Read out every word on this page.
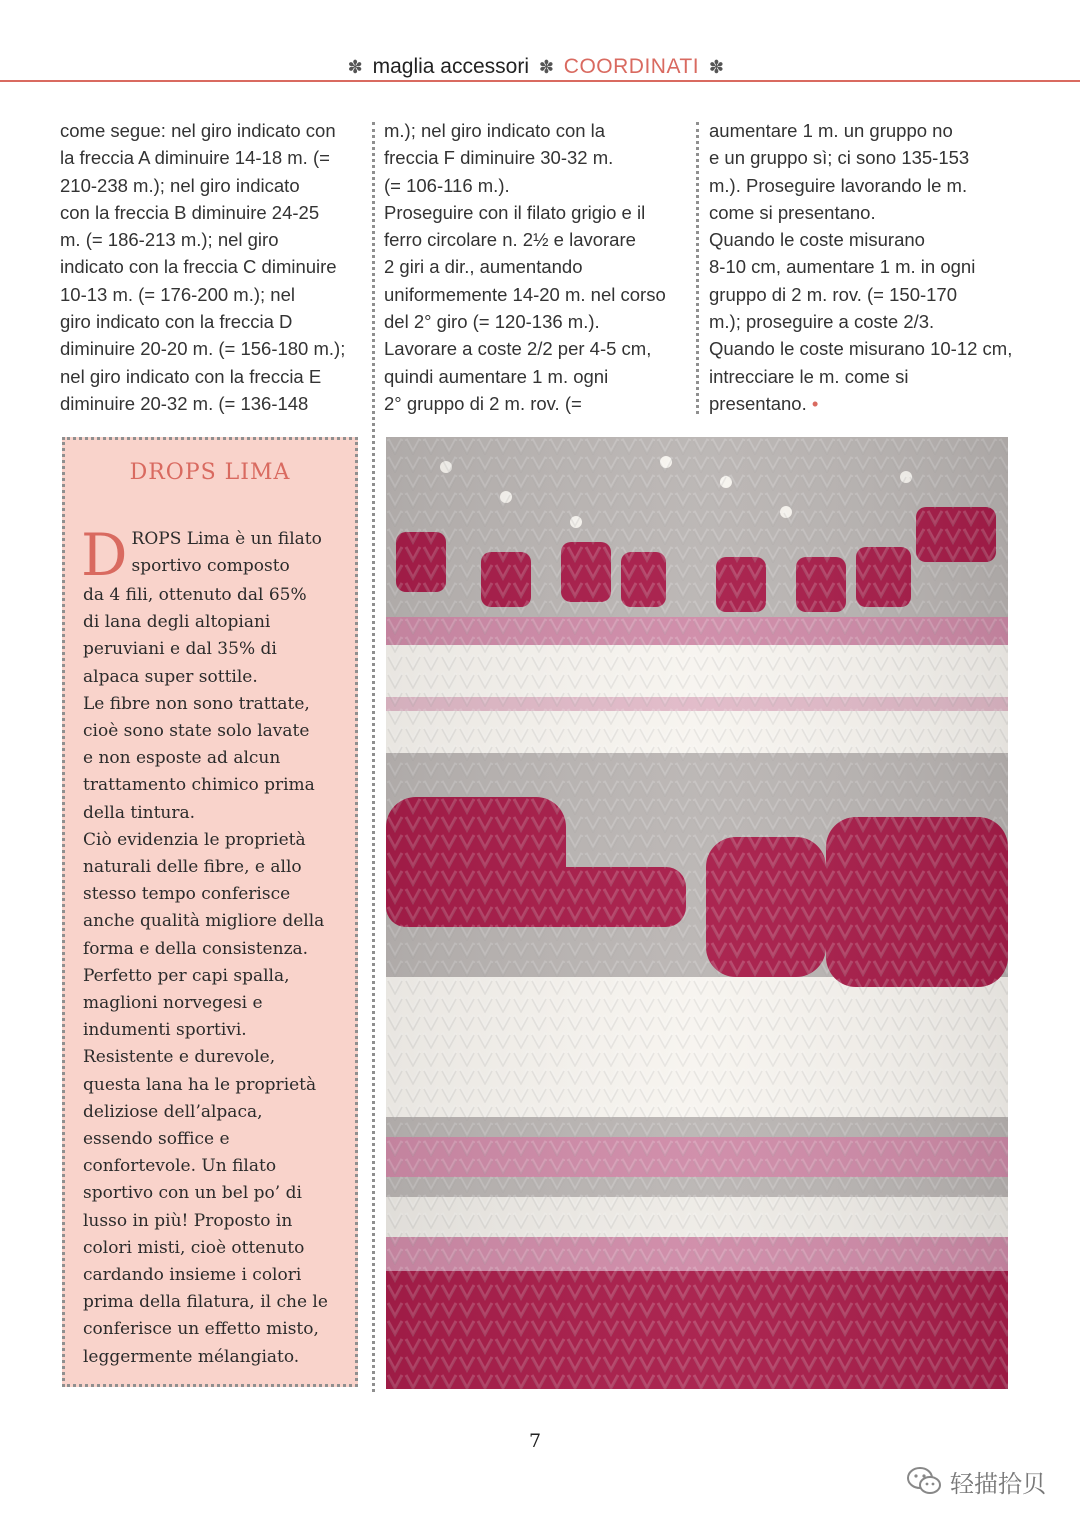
✽ maglia accessori ✽ COORDINATI ✽
come segue: nel giro indicato con
la freccia A diminuire 14-18 m. (=
210-238 m.); nel giro indicato
con la freccia B diminuire 24-25
m. (= 186-213 m.); nel giro
indicato con la freccia C diminuire
10-13 m. (= 176-200 m.); nel
giro indicato con la freccia D
diminuire 20-20 m. (= 156-180 m.);
nel giro indicato con la freccia E
diminuire 20-32 m. (= 136-148
m.); nel giro indicato con la
freccia F diminuire 30-32 m.
(= 106-116 m.).
Proseguire con il filato grigio e il
ferro circolare n. 2½ e lavorare
2 giri a dir., aumentando
uniformemente 14-20 m. nel corso
del 2° giro (= 120-136 m.).
Lavorare a coste 2/2 per 4-5 cm,
quindi aumentare 1 m. ogni
2° gruppo di 2 m. rov. (=
aumentare 1 m. un gruppo no
e un gruppo sì; ci sono 135-153
m.). Proseguire lavorando le m.
come si presentano.
Quando le coste misurano
8-10 cm, aumentare 1 m. in ogni
gruppo di 2 m. rov. (= 150-170
m.); proseguire a coste 2/3.
Quando le coste misurano 10-12 cm,
intrecciare le m. come si
presentano. •
DROPS LIMA
D ROPS Lima è un filato
sportivo composto
da 4 fili, ottenuto dal 65%
di lana degli altopiani
peruviani e dal 35% di
alpaca super sottile.
Le fibre non sono trattate,
cioè sono state solo lavate
e non esposte ad alcun
trattamento chimico prima
della tintura.
Ciò evidenzia le proprietà
naturali delle fibre, e allo
stesso tempo conferisce
anche qualità migliore della
forma e della consistenza.
Perfetto per capi spalla,
maglioni norvegesi e
indumenti sportivi.
Resistente e durevole,
questa lana ha le proprietà
deliziose dell’alpaca,
essendo soffice e
confortevole. Un filato
sportivo con un bel po’ di
lusso in più! Proposto in
colori misti, cioè ottenuto
cardando insieme i colori
prima della filatura, il che le
conferisce un effetto misto,
leggermente mélangiato.
7
轻描拾贝
